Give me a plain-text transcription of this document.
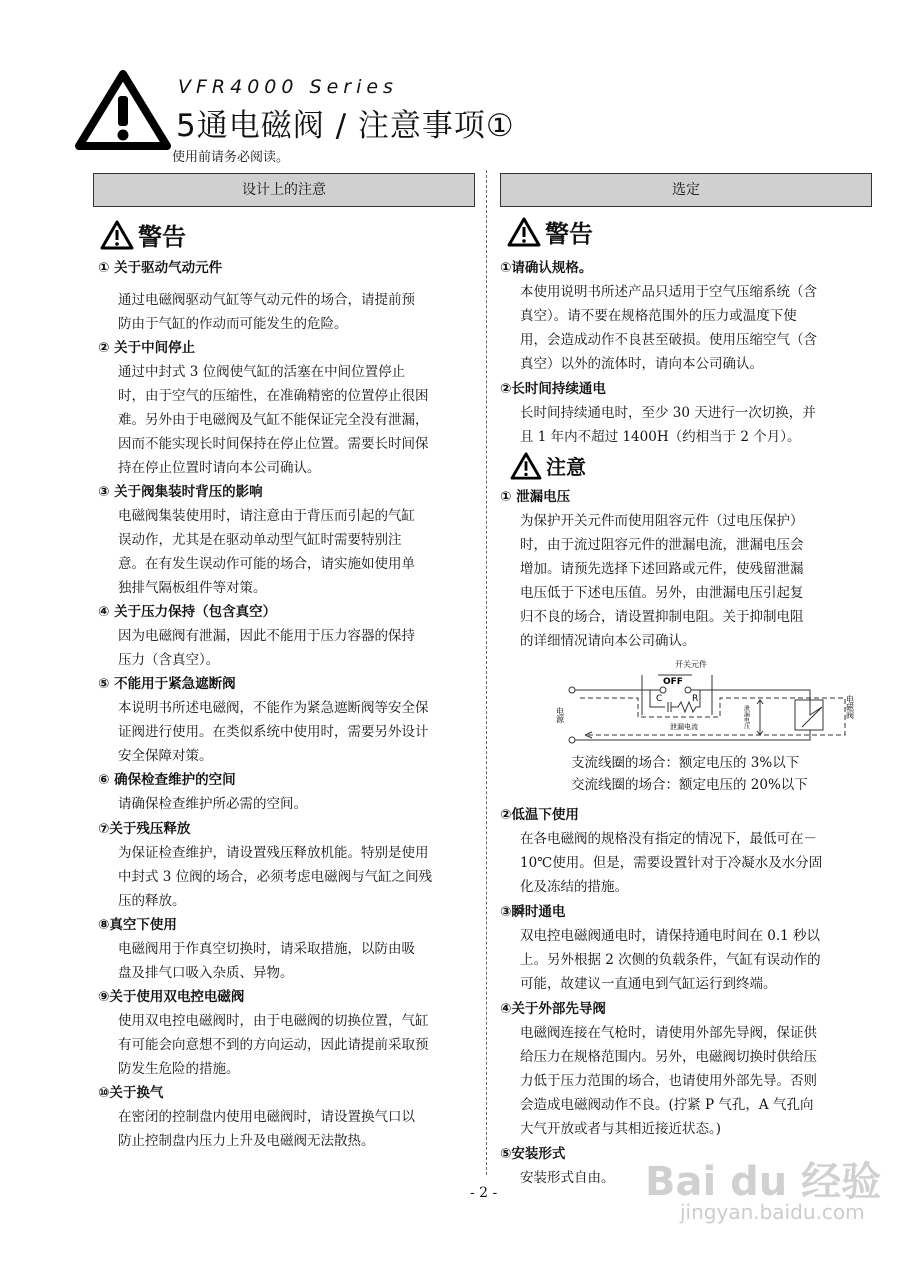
VFR4000 Series
5通电磁阀 / 注意事项①
使用前请务必阅读。
设计上的注意	选定
警告	警告
注意
① 关于驱动气动元件
通过电磁阀驱动气缸等气动元件的场合，请提前预
防由于气缸的作动而可能发生的危险。
② 关于中间停止
通过中封式 3 位阀使气缸的活塞在中间位置停止
时，由于空气的压缩性，在准确精密的位置停止很困
难。另外由于电磁阀及气缸不能保证完全没有泄漏，
因而不能实现长时间保持在停止位置。需要长时间保
持在停止位置时请向本公司确认。
③ 关于阀集装时背压的影响
电磁阀集装使用时，请注意由于背压而引起的气缸
误动作，尤其是在驱动单动型气缸时需要特别注
意。在有发生误动作可能的场合，请实施如使用单
独排气隔板组件等对策。
④ 关于压力保持（包含真空）
因为电磁阀有泄漏，因此不能用于压力容器的保持
压力（含真空）。
⑤ 不能用于紧急遮断阀
本说明书所述电磁阀，不能作为紧急遮断阀等安全保
证阀进行使用。在类似系统中使用时，需要另外设计
安全保障对策。
⑥ 确保检查维护的空间
请确保检查维护所必需的空间。
⑦关于残压释放
为保证检查维护，请设置残压释放机能。特别是使用
中封式 3 位阀的场合，必须考虑电磁阀与气缸之间残
压的释放。
⑧真空下使用
电磁阀用于作真空切换时，请采取措施，以防由吸
盘及排气口吸入杂质、异物。
⑨关于使用双电控电磁阀
使用双电控电磁阀时，由于电磁阀的切换位置，气缸
有可能会向意想不到的方向运动，因此请提前采取预
防发生危险的措施。
⑩关于换气
在密闭的控制盘内使用电磁阀时，请设置换气口以
防止控制盘内压力上升及电磁阀无法散热。
①请确认规格。
本使用说明书所述产品只适用于空气压缩系统（含
真空）。请不要在规格范围外的压力或温度下使
用，会造成动作不良甚至破损。使用压缩空气（含
真空）以外的流体时，请向本公司确认。
②长时间持续通电
长时间持续通电时，至少 30 天进行一次切换，并
且 1 年内不超过 1400H（约相当于 2 个月）。
① 泄漏电压
为保护开关元件而使用阻容元件（过电压保护）
时，由于流过阻容元件的泄漏电流，泄漏电压会
增加。请预先选择下述回路或元件，使残留泄漏
电压低于下述电压值。另外，由泄漏电压引起复
归不良的场合，请设置抑制电阻。关于抑制电阻
的详细情况请向本公司确认。
②低温下使用
在各电磁阀的规格没有指定的情况下，最低可在－
10℃使用。但是，需要设置针对于冷凝水及水分固
化及冻结的措施。
③瞬时通电
双电控电磁阀通电时，请保持通电时间在 0.1 秒以
上。另外根据 2 次侧的负载条件，气缸有误动作的
可能，故建议一直通电到气缸运行到终端。
④关于外部先导阀
电磁阀连接在气枪时，请使用外部先导阀，保证供
给压力在规格范围内。另外，电磁阀切换时供给压
力低于压力范围的场合，也请使用外部先导。否则
会造成电磁阀动作不良。(拧紧 P 气孔，A 气孔向
大气开放或者与其相近接近状态。)
⑤安装形式
安装形式自由。
开关元件
OFF
C	R
泄漏电流	泄漏电压
电源	电磁阀
支流线圈的场合：额定电压的 3%以下
交流线圈的场合：额定电压的 20%以下
- 2 -	Bai du 经验
jingyan.baidu.com
